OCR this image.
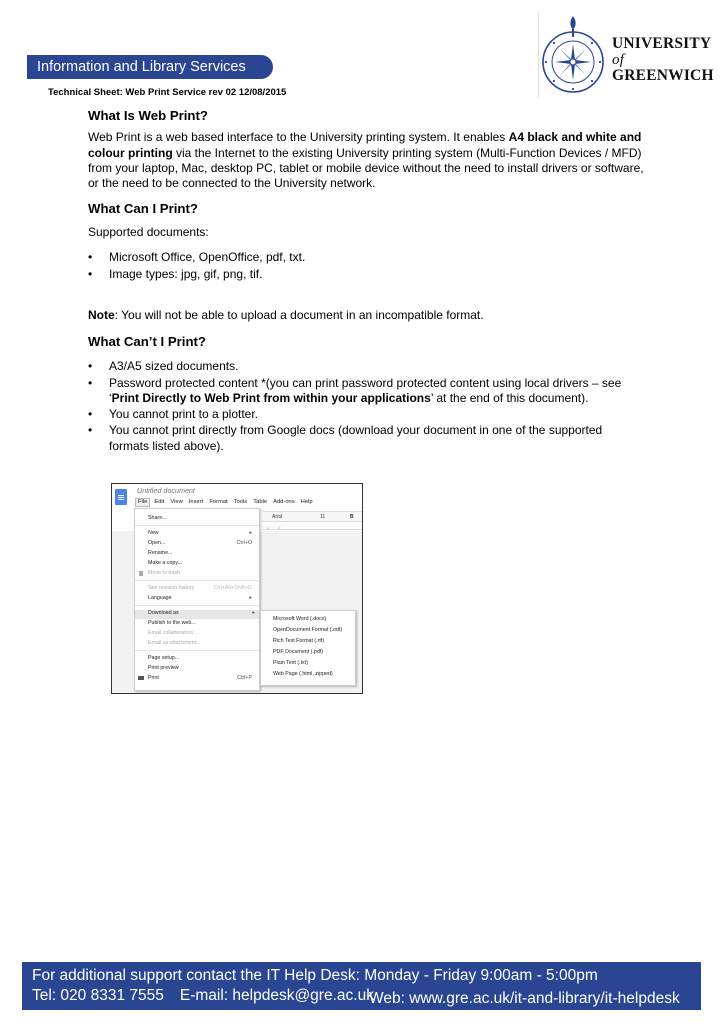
Information and Library Services
Technical Sheet: Web Print Service rev 02 12/08/2015
UNIVERSITY
of
GREENWICH
What Is Web Print?

Web Print is a web based interface to the University printing system. It enables A4 black and white and colour printing via the Internet to the existing University printing system (Multi-Function Devices / MFD) from your laptop, Mac, desktop PC, tablet or mobile device without the need to install drivers or software, or the need to be connected to the University network.

What Can I Print?

Supported documents:

• Microsoft Office, OpenOffice, pdf, txt.
• Image types: jpg, gif, png, tif.

Note: You will not be able to upload a document in an incompatible format.

What Can’t I Print?
• A3/A5 sized documents.
• Password protected content *(you can print password protected content using local drivers – see ‘Print Directly to Web Print from within your applications’ at the end of this document).
• You cannot print to a plotter.
• You cannot print directly from Google docs (download your document in one of the supported formats listed above).
Untitled document
File	Edit View Insert Format Tools Table Add-ons Help
Arial	11	B
· · 1 · · · 2 ·
Share...
New	▸
Open...	Ctrl+O
Rename...
Make a copy...
Move to trash
See revision history	Ctrl+Alt+Shift+G
Language	▸
Download as	▸
Publish to the web...
Email collaborators...
Email as attachment...
Page setup...
Print preview
Print	Ctrl+P
Microsoft Word (.docx)
OpenDocument Format (.odt)
Rich Text Format (.rtf)
PDF Document (.pdf)
Plain Text (.txt)
Web Page (.html, zipped)
For additional support contact the IT Help Desk: Monday - Friday 9:00am - 5:00pm
Tel: 020 8331 7555 E-mail: helpdesk@gre.ac.uk
Web: www.gre.ac.uk/it-and-library/it-helpdesk
